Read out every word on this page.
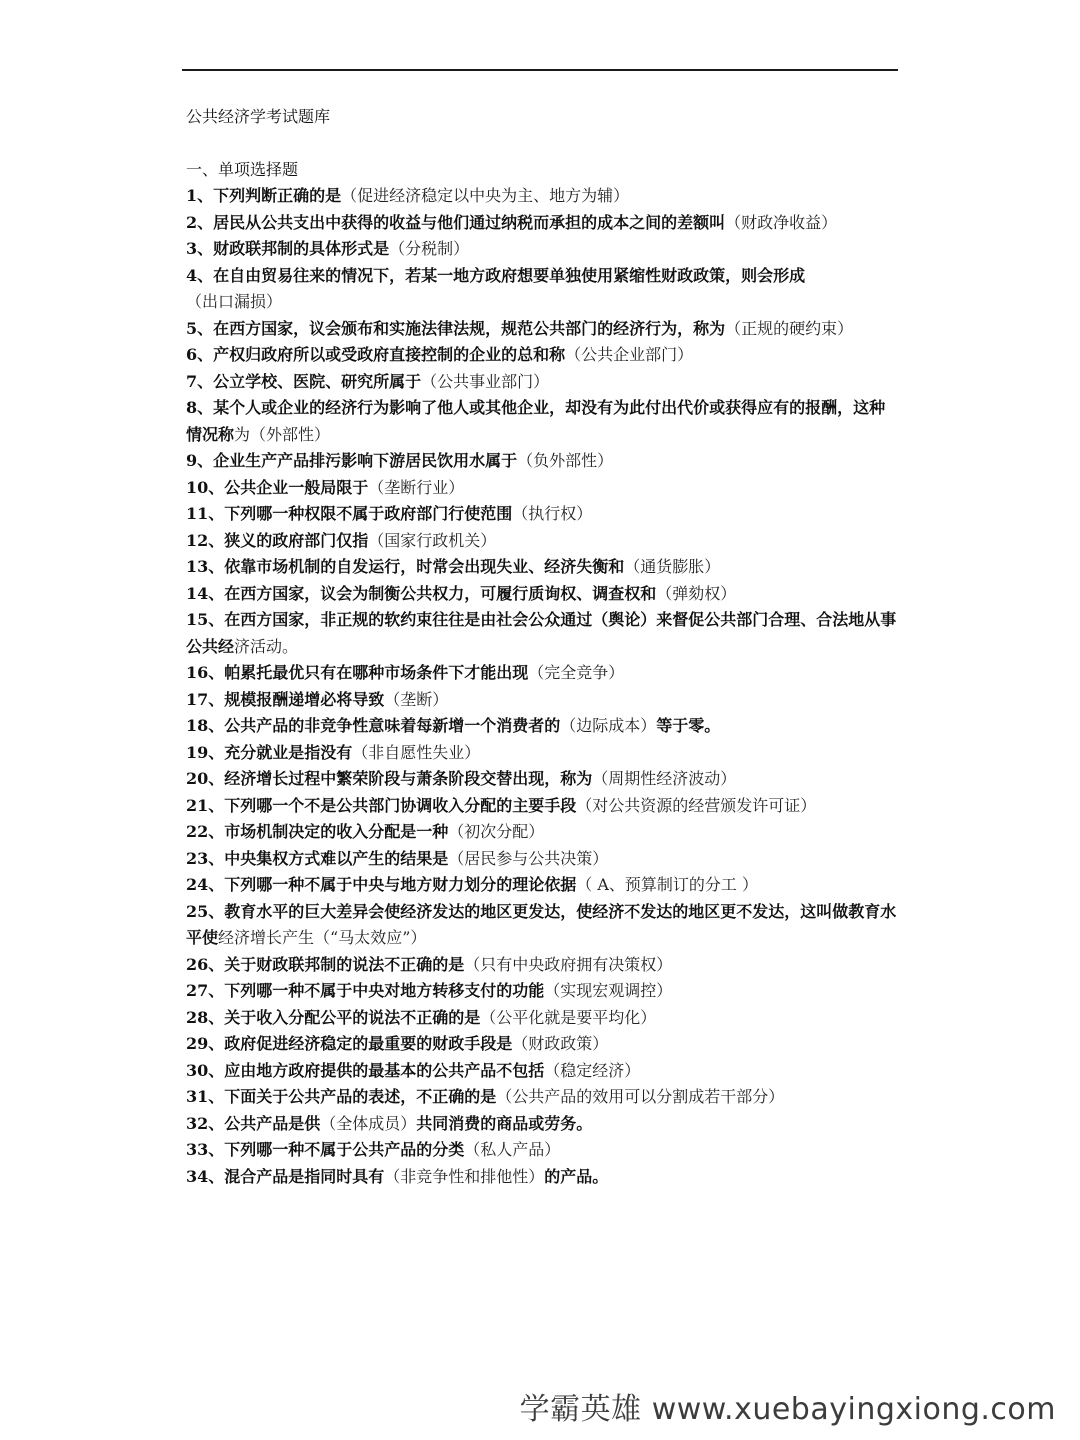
公共经济学考试题库
一、单项选择题
1、下列判断正确的是（促进经济稳定以中央为主、地方为辅）
2、居民从公共支出中获得的收益与他们通过纳税而承担的成本之间的差额叫（财政净收益）
3、财政联邦制的具体形式是（分税制）
4、在自由贸易往来的情况下，若某一地方政府想要单独使用紧缩性财政政策，则会形成（出口漏损）
5、在西方国家，议会颁布和实施法律法规，规范公共部门的经济行为，称为（正规的硬约束）
6、产权归政府所以或受政府直接控制的企业的总和称（公共企业部门）
7、公立学校、医院、研究所属于（公共事业部门）
8、某个人或企业的经济行为影响了他人或其他企业，却没有为此付出代价或获得应有的报酬，这种情况称为（外部性）
9、企业生产产品排污影响下游居民饮用水属于（负外部性）
10、公共企业一般局限于（垄断行业）
11、下列哪一种权限不属于政府部门行使范围（执行权）
12、狭义的政府部门仅指（国家行政机关）
13、依靠市场机制的自发运行，时常会出现失业、经济失衡和（通货膨胀）
14、在西方国家，议会为制衡公共权力，可履行质询权、调查权和（弹劾权）
15、在西方国家，非正规的软约束往往是由社会公众通过（舆论）来督促公共部门合理、合法地从事公共经济活动。
16、帕累托最优只有在哪种市场条件下才能出现（完全竞争）
17、规模报酬递增必将导致（垄断）
18、公共产品的非竞争性意味着每新增一个消费者的（边际成本）等于零。
19、充分就业是指没有（非自愿性失业）
20、经济增长过程中繁荣阶段与萧条阶段交替出现，称为（周期性经济波动）
21、下列哪一个不是公共部门协调收入分配的主要手段（对公共资源的经营颁发许可证）
22、市场机制决定的收入分配是一种（初次分配）
23、中央集权方式难以产生的结果是（居民参与公共决策）
24、下列哪一种不属于中央与地方财力划分的理论依据（ A、预算制订的分工 ）
25、教育水平的巨大差异会使经济发达的地区更发达，使经济不发达的地区更不发达，这叫做教育水平使经济增长产生（“马太效应”）
26、关于财政联邦制的说法不正确的是（只有中央政府拥有决策权）
27、下列哪一种不属于中央对地方转移支付的功能（实现宏观调控）
28、关于收入分配公平的说法不正确的是（公平化就是要平均化）
29、政府促进经济稳定的最重要的财政手段是（财政政策）
30、应由地方政府提供的最基本的公共产品不包括（稳定经济）
31、下面关于公共产品的表述，不正确的是（公共产品的效用可以分割成若干部分）
32、公共产品是供（全体成员）共同消费的商品或劳务。
33、下列哪一种不属于公共产品的分类（私人产品）
34、混合产品是指同时具有（非竞争性和排他性）的产品。
学霸英雄 www.xuebayingxiong.com
